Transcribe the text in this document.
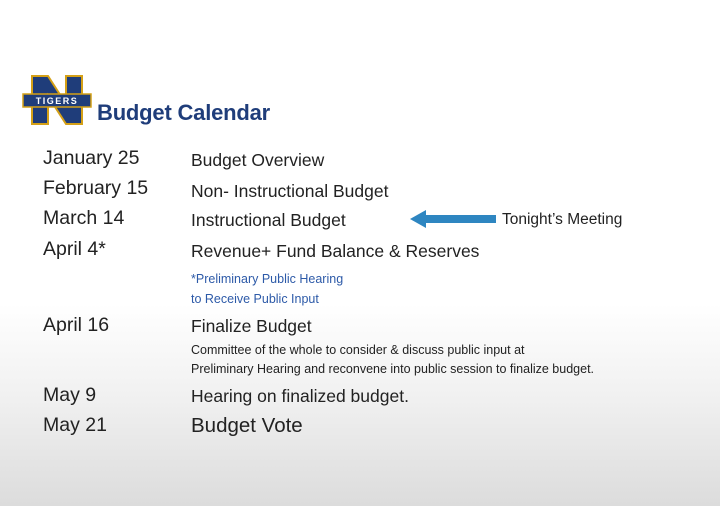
TIGERS Budget Calendar
January 25	Budget Overview
February 15 Non- Instructional Budget
March 14	Instructional Budget	Tonight’s Meeting
April 4*	Revenue+ Fund Balance & Reserves
*Preliminary Public Hearing
to Receive Public Input
April 16	Finalize Budget
Committee of the whole to consider & discuss public input at
Preliminary Hearing and reconvene into public session to finalize budget.
May 9	Hearing on finalized budget.
May 21	Budget Vote
